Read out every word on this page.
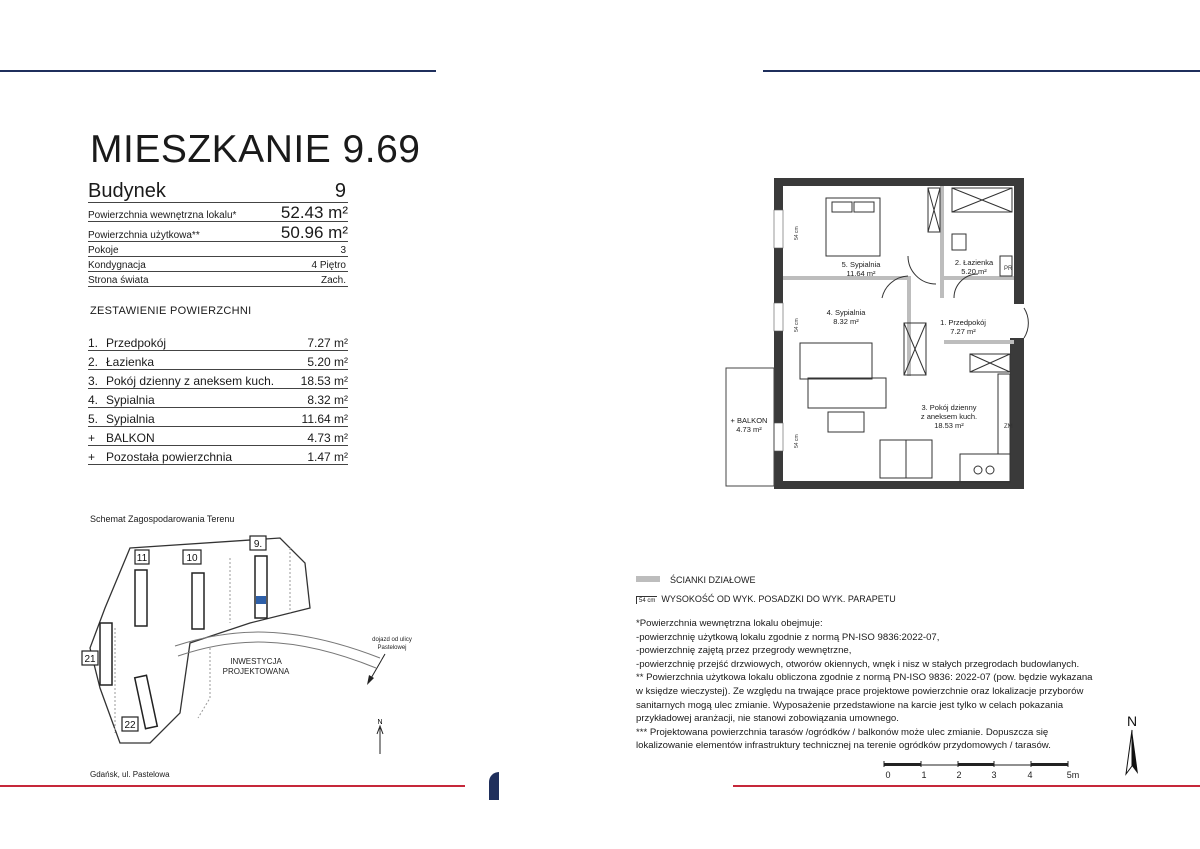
MIESZKANIE 9.69
Budynek	9
Powierzchnia wewnętrzna lokalu*	52.43 m²
Powierzchnia użytkowa**	50.96 m²
Pokoje	3
Kondygnacja	4 Piętro
Strona świata	Zach.
ZESTAWIENIE POWIERZCHNI
1. Przedpokój	7.27 m²
2. Łazienka	5.20 m²
3. Pokój dzienny z aneksem kuch.	18.53 m²
4. Sypialnia	8.32 m²
5. Sypialnia	11.64 m²
+ BALKON	4.73 m²
+ Pozostała powierzchnia	1.47 m²
Schemat Zagospodarowania Terenu
11	10
9.
21
22
INWESTYCJA
PROJEKTOWANA
dojazd od ulicy
Pastelowej
N
Gdańsk, ul. Pastelowa
PR
ZM
54 cm
54 cm
54 cm
5. Sypialnia
11.64 m²
2. Łazienka
5.20 m²
4. Sypialnia
8.32 m²	1. Przedpokój
7.27 m²
3. Pokój dzienny
z aneksem kuch.
18.53 m²
+ BALKON
4.73 m²
ŚCIANKI DZIAŁOWE
54 cm WYSOKOŚĆ OD WYK. POSADZKI DO WYK. PARAPETU
*Powierzchnia wewnętrzna lokalu obejmuje:
-powierzchnię użytkową lokalu zgodnie z normą PN-ISO 9836:2022-07,
-powierzchnię zajętą przez przegrody wewnętrzne,
-powierzchnię przejść drzwiowych, otworów okiennych, wnęk i nisz w stałych przegrodach budowlanych.
** Powierzchnia użytkowa lokalu obliczona zgodnie z normą PN-ISO 9836: 2022-07 (pow. będzie wykazana
w księdze wieczystej). Ze względu na trwające prace projektowe powierzchnie oraz lokalizacje przyborów
sanitarnych mogą ulec zmianie. Wyposażenie przedstawione na karcie jest tylko w celach pokazania
przykładowej aranżacji, nie stanowi zobowiązania umownego.
*** Projektowana powierzchnia tarasów /ogródków / balkonów może ulec zmianie. Dopuszcza się
lokalizowanie elementów infrastruktury technicznej na terenie ogródków przydomowych / tarasów.
0	1	2	3	4	5m
N
